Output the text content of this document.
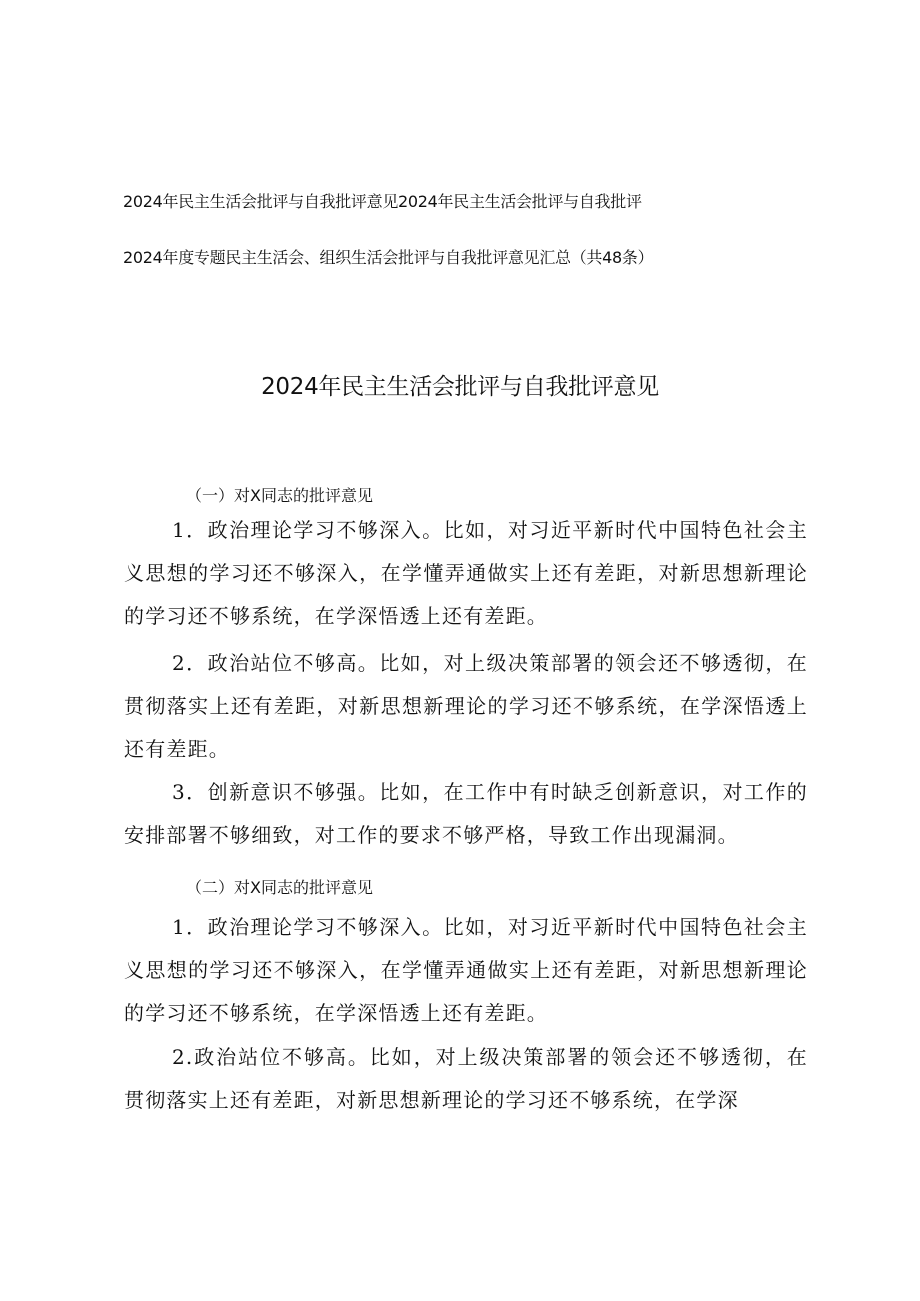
2024年民主生活会批评与自我批评意见2024年民主生活会批评与自我批评
2024年度专题民主生活会、组织生活会批评与自我批评意见汇总（共48条）
2024年民主生活会批评与自我批评意见
（一）对X同志的批评意见
1．政治理论学习不够深入。比如，对习近平新时代中国特色社会主义思想的学习还不够深入，在学懂弄通做实上还有差距，对新思想新理论的学习还不够系统，在学深悟透上还有差距。
2．政治站位不够高。比如，对上级决策部署的领会还不够透彻，在贯彻落实上还有差距，对新思想新理论的学习还不够系统，在学深悟透上还有差距。
3．创新意识不够强。比如，在工作中有时缺乏创新意识，对工作的安排部署不够细致，对工作的要求不够严格，导致工作出现漏洞。
（二）对X同志的批评意见
1．政治理论学习不够深入。比如，对习近平新时代中国特色社会主义思想的学习还不够深入，在学懂弄通做实上还有差距，对新思想新理论的学习还不够系统，在学深悟透上还有差距。
2.政治站位不够高。比如，对上级决策部署的领会还不够透彻，在贯彻落实上还有差距，对新思想新理论的学习还不够系统，在学深
